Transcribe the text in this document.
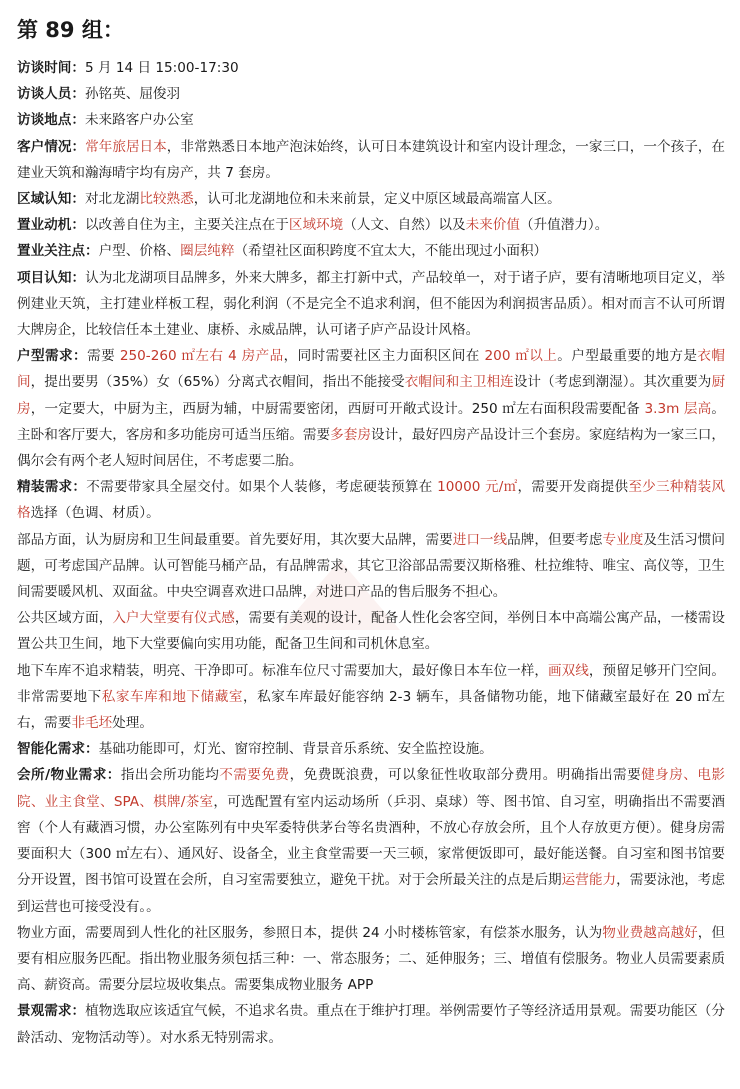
第 89 组：

访谈时间：5 月 14 日 15:00-17:30

访谈人员：孙铭英、屈俊羽

访谈地点：未来路客户办公室

客户情况：常年旅居日本，非常熟悉日本地产泡沫始终，认可日本建筑设计和室内设计理念，一家三口，一个孩子，在建业天筑和瀚海晴宇均有房产，共 7 套房。

区域认知：对北龙湖比较熟悉，认可北龙湖地位和未来前景，定义中原区域最高端富人区。

置业动机：以改善自住为主，主要关注点在于区域环境（人文、自然）以及未来价值（升值潜力）。

置业关注点：户型、价格、圈层纯粹（希望社区面积跨度不宜太大，不能出现过小面积）

项目认知：认为北龙湖项目品牌多，外来大牌多，都主打新中式，产品较单一，对于诸子庐，要有清晰地项目定义，举例建业天筑，主打建业样板工程，弱化利润（不是完全不追求利润，但不能因为利润损害品质）。相对而言不认可所谓大牌房企，比较信任本土建业、康桥、永威品牌，认可诸子庐产品设计风格。

户型需求：需要 250-260 ㎡左右 4 房产品，同时需要社区主力面积区间在 200 ㎡以上。户型最重要的地方是衣帽间，提出要男（35%）女（65%）分离式衣帽间，指出不能接受衣帽间和主卫相连设计（考虑到潮湿）。其次重要为厨房，一定要大，中厨为主，西厨为辅，中厨需要密闭，西厨可开敞式设计。250 ㎡左右面积段需要配备 3.3m 层高。主卧和客厅要大，客房和多功能房可适当压缩。需要多套房设计，最好四房产品设计三个套房。家庭结构为一家三口，偶尔会有两个老人短时间居住，不考虑要二胎。

精装需求：不需要带家具全屋交付。如果个人装修，考虑硬装预算在 10000 元/㎡，需要开发商提供至少三种精装风格选择（色调、材质）。

部品方面，认为厨房和卫生间最重要。首先要好用，其次要大品牌，需要进口一线品牌，但要考虑专业度及生活习惯问题，可考虑国产品牌。认可智能马桶产品，有品牌需求，其它卫浴部品需要汉斯格雅、杜拉维特、唯宝、高仪等，卫生间需要暖风机、双面盆。中央空调喜欢进口品牌，对进口产品的售后服务不担心。

公共区域方面，入户大堂要有仪式感，需要有美观的设计，配备人性化会客空间，举例日本中高端公寓产品，一楼需设置公共卫生间，地下大堂要偏向实用功能，配备卫生间和司机休息室。

地下车库不追求精装，明亮、干净即可。标准车位尺寸需要加大，最好像日本车位一样，画双线，预留足够开门空间。非常需要地下私家车库和地下储藏室，私家车库最好能容纳 2-3 辆车，具备储物功能，地下储藏室最好在 20 ㎡左右，需要非毛坯处理。

智能化需求：基础功能即可，灯光、窗帘控制、背景音乐系统、安全监控设施。

会所/物业需求：指出会所功能均不需要免费，免费既浪费，可以象征性收取部分费用。明确指出需要健身房、电影院、业主食堂、SPA、棋牌/茶室，可选配置有室内运动场所（乒羽、桌球）等、图书馆、自习室，明确指出不需要酒窖（个人有藏酒习惯，办公室陈列有中央军委特供茅台等名贵酒种，不放心存放会所，且个人存放更方便）。健身房需要面积大（300 ㎡左右）、通风好、设备全，业主食堂需要一天三顿，家常便饭即可，最好能送餐。自习室和图书馆要分开设置，图书馆可设置在会所，自习室需要独立，避免干扰。对于会所最关注的点是后期运营能力，需要泳池，考虑到运营也可接受没有。。

物业方面，需要周到人性化的社区服务，参照日本，提供 24 小时楼栋管家，有偿茶水服务，认为物业费越高越好，但要有相应服务匹配。指出物业服务须包括三种：一、常态服务；二、延伸服务；三、增值有偿服务。物业人员需要素质高、薪资高。需要分层垃圾收集点。需要集成物业服务 APP

景观需求：植物选取应该适宜气候，不追求名贵。重点在于维护打理。举例需要竹子等经济适用景观。需要功能区（分龄活动、宠物活动等）。对水系无特别需求。
